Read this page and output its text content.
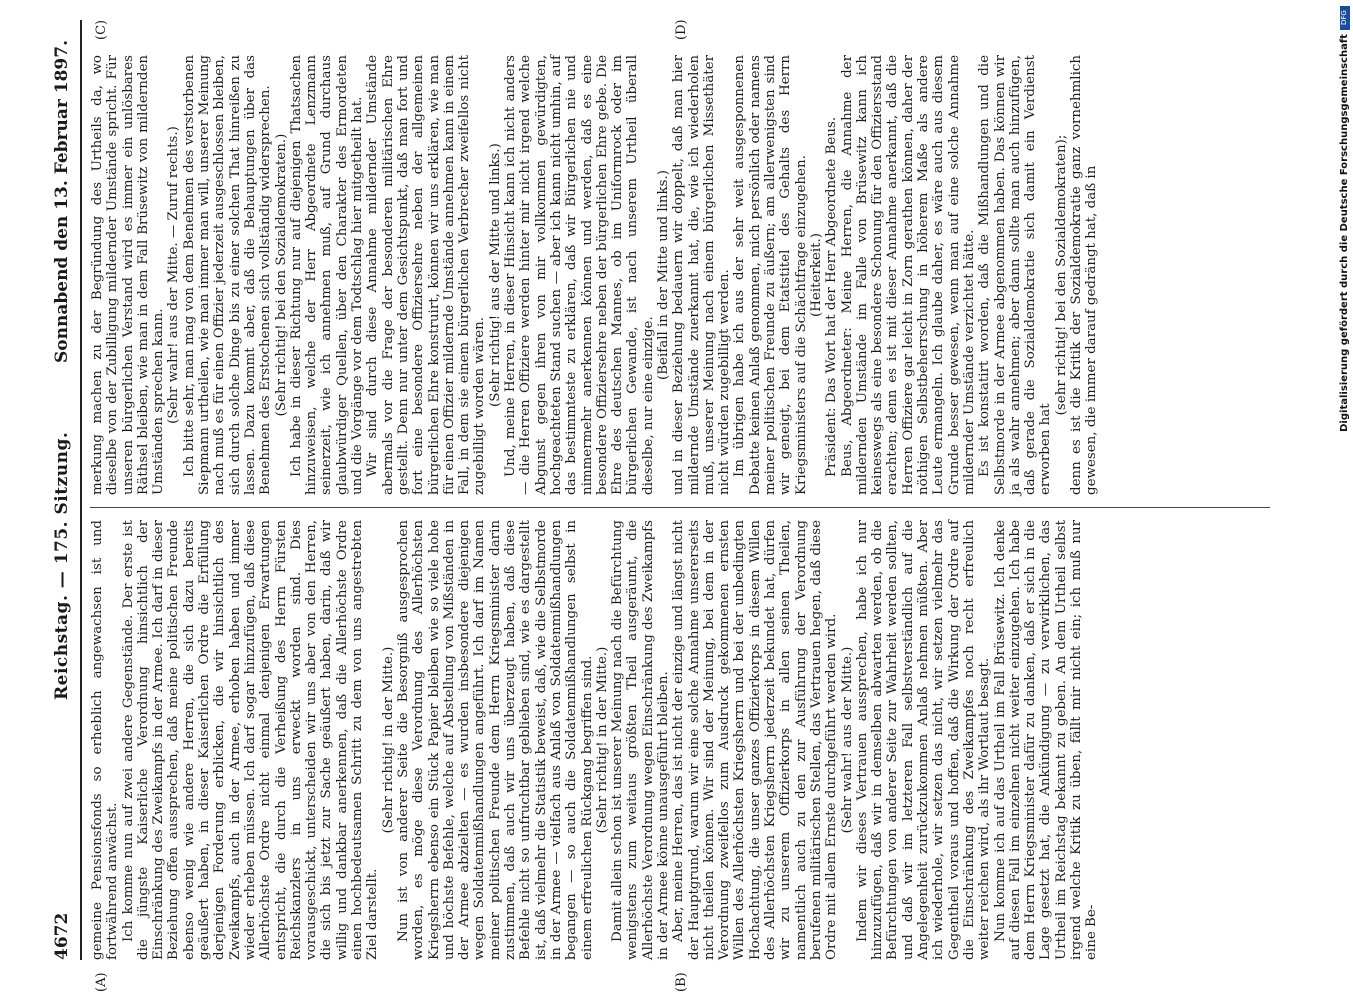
4672
Reichstag. — 175. Sitzung.
Sonnabend den 13. Februar 1897.
(A)	(B)
(C)	(D)

gemeine Pensionsfonds so erheblich angewachsen ist und fortwährend anwächst. Ich komme nun auf zwei andere Gegenstände. Der erste ist die jüngste Kaiserliche Verordnung hinsichtlich der Einschränkung des Zweikampfs in der Armee. Ich darf in dieser Beziehung offen aussprechen, daß meine politischen Freunde ebenso wenig wie andere Herren, die sich dazu bereits geäußert haben, in dieser Kaiserlichen Ordre die Erfüllung derjenigen Forderung erblicken, die wir hinsichtlich des Zweikampfs, auch in der Armee, erhoben haben und immer wieder erheben müssen. Ich darf sogar hinzufügen, daß diese Allerhöchste Ordre nicht einmal denjenigen Erwartungen entspricht, die durch die Verheißung des Herrn Fürsten Reichskanzlers in uns erweckt worden sind. Dies vorausgeschickt, unterscheiden wir uns aber von den Herren, die sich bis jetzt zur Sache geäußert haben, darin, daß wir willig und dankbar anerkennen, daß die Allerhöchste Ordre einen hochbedeutsamen Schritt zu dem von uns angestrebten Ziel darstellt.

(Sehr richtig! in der Mitte.) Nun ist von anderer Seite die Besorgniß ausgesprochen worden, es möge diese Verordnung des Allerhöchsten Kriegsherrn ebenso ein Stück Papier bleiben wie so viele hohe und höchste Befehle, welche auf Abstellung von Mißständen in der Armee abzielten — es wurden insbesondere diejenigen wegen Soldatenmißhandlungen angeführt. Ich darf im Namen meiner politischen Freunde dem Herrn Kriegsminister darin zustimmen, daß auch wir uns überzeugt haben, daß diese Befehle nicht so unfruchtbar geblieben sind, wie es dargestellt ist, daß vielmehr die Statistik beweist, daß, wie die Selbstmorde in der Armee — vielfach aus Anlaß von Soldatenmißhandlungen begangen — so auch die Soldatenmißhandlungen selbst in einem erfreulichen Rückgang begriffen sind. (Sehr richtig! in der Mitte.) Damit allein schon ist unserer Meinung nach die Befürchtung wenigstens zum weitaus größten Theil ausgeräumt, die Allerhöchste Verordnung wegen Einschränkung des Zweikampfs in der Armee könne unausgeführt bleiben. Aber, meine Herren, das ist nicht der einzige und längst nicht der Hauptgrund, warum wir eine solche Annahme unsererseits nicht theilen können. Wir sind der Meinung, bei dem in der Verordnung zweifellos zum Ausdruck gekommenen ernsten Willen des Allerhöchsten Kriegsherrn und bei der unbedingten Hochachtung, die unser ganzes Offizierkorps in diesem Willen des Allerhöchsten Kriegsherrn jederzeit bekundet hat, dürfen wir zu unserem Offizierkorps in allen seinen Theilen, namentlich auch zu den zur Ausführung der Verordnung berufenen militärischen Stellen, das Vertrauen hegen, daß diese Ordre mit allem Ernste durchgeführt werden wird. (Sehr wahr! aus der Mitte.) Indem wir dieses Vertrauen aussprechen, habe ich nur hinzuzufügen, daß wir in demselben abwarten werden, ob die Befürchtungen von anderer Seite zur Wahrheit werden sollten, und daß wir im letzteren Fall selbstverständlich auf die Angelegenheit zurückzukommen Anlaß nehmen müßten. Aber ich wiederhole, wir setzen das nicht, wir setzen vielmehr das Gegentheil voraus und hoffen, daß die Wirkung der Ordre auf die Einschränkung des Zweikampfes noch recht erfreulich weiter reichen wird, als ihr Wortlaut besagt. Nun komme ich auf das Urtheil im Fall Brüsewitz. Ich denke auf diesen Fall im einzelnen nicht weiter einzugehen. Ich habe dem Herrn Kriegsminister dafür zu danken, daß er sich in die Lage gesetzt hat, die Ankündigung — zu verwirklichen, das Urtheil im Reichstag bekannt zu geben. An dem Urtheil selbst irgend welche Kritik zu üben, fällt mir nicht ein; ich muß nur eine Be-

merkung machen zu der Begründung des Urtheils da, wo dieselbe von der Zubilligung mildernder Umstände spricht. Für unseren bürgerlichen Verstand wird es immer ein unlösbares Räthsel bleiben, wie man in dem Fall Brüsewitz von mildernden Umständen sprechen kann. (Sehr wahr! aus der Mitte. — Zuruf rechts.) Ich bitte sehr, man mag von dem Benehmen des verstorbenen Siepmann urtheilen, wie man immer man will, unserer Meinung nach muß es für einen Offizier jederzeit ausgeschlossen bleiben, sich durch solche Dinge bis zu einer solchen That hinreißen zu lassen. Dazu kommt aber, daß die Behauptungen über das Benehmen des Erstochenen sich vollständig widersprechen. (Sehr richtig! bei den Sozialdemokraten.) Ich habe in dieser Richtung nur auf diejenigen Thatsachen hinzuweisen, welche der Herr Abgeordnete Lenzmann seinerzeit, wie ich annehmen muß, auf Grund durchaus glaubwürdiger Quellen, über den Charakter des Ermordeten und die Vorgänge vor dem Todtschlag hier mitgetheilt hat. Wir sind durch diese Annahme mildernder Umstände abermals vor die Frage der besonderen militärischen Ehre gestellt. Denn nur unter dem Gesichtspunkt, daß man fort und fort eine besondere Offiziersehre neben der allgemeinen bürgerlichen Ehre konstruirt, können wir uns erklären, wie man für einen Offizier mildernde Umstände annehmen kann in einem Fall, in dem sie einem bürgerlichen Verbrecher zweifellos nicht zugebilligt worden wären. (Sehr richtig! aus der Mitte und links.) Und, meine Herren, in dieser Hinsicht kann ich nicht anders — die Herren Offiziere werden hinter mir nicht irgend welche Abgunst gegen ihren von mir vollkommen gewürdigten, hochgeachteten Stand suchen — aber ich kann nicht umhin, auf das bestimmteste zu erklären, daß wir Bürgerlichen nie und nimmermehr anerkennen können und werden, daß es eine besondere Offiziersehre neben der bürgerlichen Ehre gebe. Die Ehre des deutschen Mannes, ob im Uniformrock oder im bürgerlichen Gewande, ist nach unserem Urtheil überall dieselbe, nur eine einzige.

(Beifall in der Mitte und links.) und in dieser Beziehung bedauern wir doppelt, daß man hier mildernde Umstände zuerkannt hat, die, wie ich wiederholen muß, unserer Meinung nach einem bürgerlichen Missethäter nicht würden zugebilligt werden. Im übrigen habe ich aus der sehr weit ausgesponnenen Debatte keinen Anlaß genommen, mich persönlich oder namens meiner politischen Freunde zu äußern; am allerwenigsten sind wir geneigt, bei dem Etatstitel des Gehalts des Herrn Kriegsministers auf die Schächtfrage einzugehen. (Heiterkeit.) Präsident: Das Wort hat der Herr Abgeordnete Beus. Beus, Abgeordneter: Meine Herren, die Annahme der mildernden Umstände im Falle von Brüsewitz kann ich keineswegs als eine besondere Schonung für den Offiziersstand erachten; denn es ist mit dieser Annahme anerkannt, daß die Herren Offiziere gar leicht in Zorn gerathen können, daher der nöthigen Selbstbeherrschung in höherem Maße als andere Leute ermangeln. Ich glaube daher, es wäre auch aus diesem Grunde besser gewesen, wenn man auf eine solche Annahme mildernder Umstände verzichtet hätte. Es ist konstatirt worden, daß die Mißhandlungen und die Selbstmorde in der Armee abgenommen haben. Das können wir ja als wahr annehmen; aber dann sollte man auch hinzufügen, daß gerade die Sozialdemokratie sich damit ein Verdienst erworben hat

(sehr richtig! bei den Sozialdemokraten); denn es ist die Kritik der Sozialdemokratie ganz vornehmlich gewesen, die immer darauf gedrängt hat, daß in

DFG
Digitalisierung gefördert durch die Deutsche Forschungsgemeinschaft
